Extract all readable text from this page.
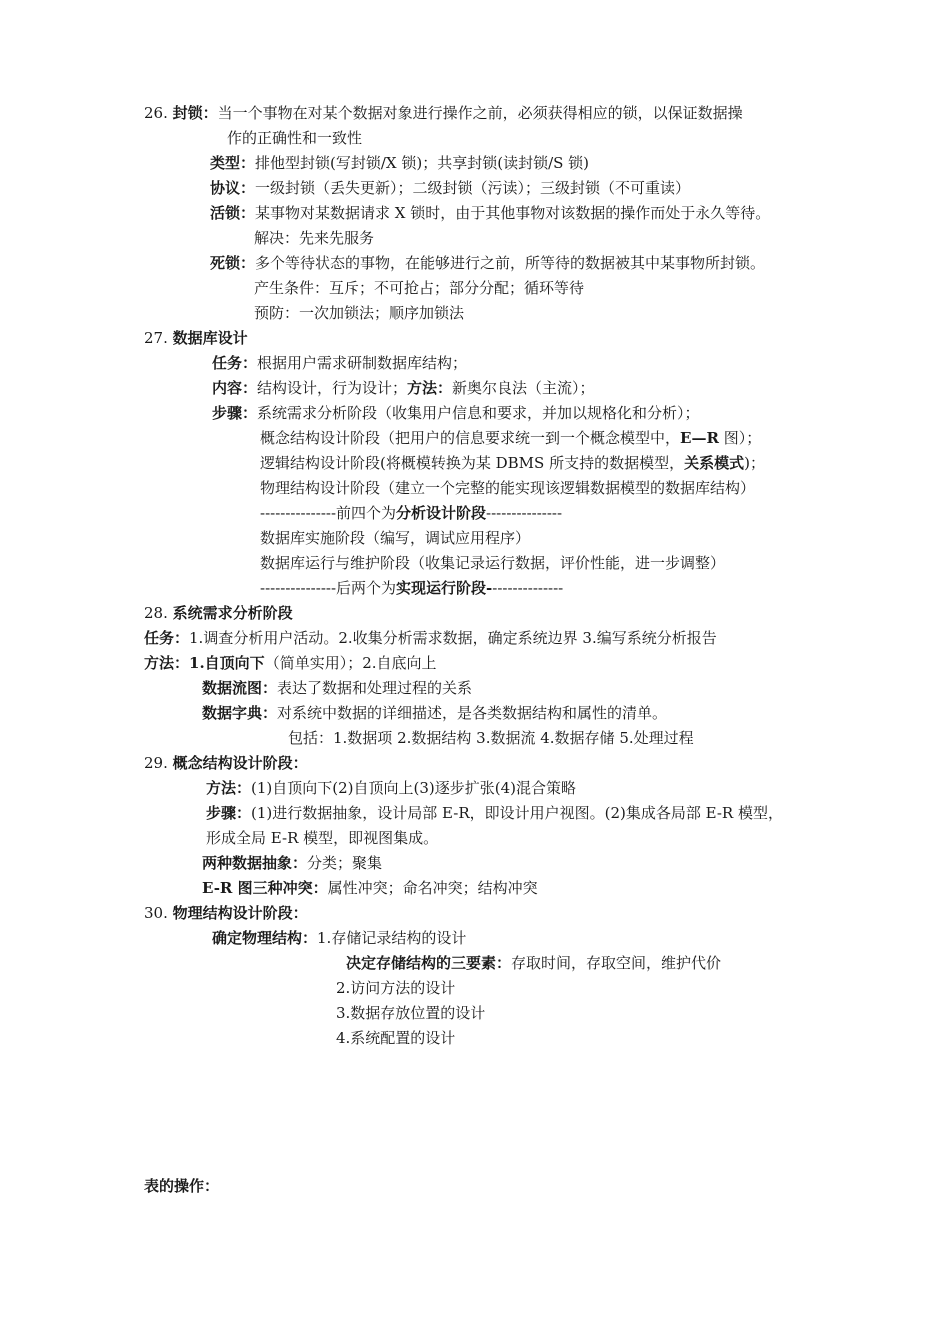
26. 封锁：当一个事物在对某个数据对象进行操作之前，必须获得相应的锁，以保证数据操
作的正确性和一致性
类型：排他型封锁(写封锁/X 锁)；共享封锁(读封锁/S 锁)
协议：一级封锁（丢失更新）；二级封锁（污读）；三级封锁（不可重读）
活锁：某事物对某数据请求 X 锁时，由于其他事物对该数据的操作而处于永久等待。
解决：先来先服务
死锁：多个等待状态的事物，在能够进行之前，所等待的数据被其中某事物所封锁。
产生条件：互斥；不可抢占；部分分配；循环等待
预防：一次加锁法；顺序加锁法
27. 数据库设计
任务：根据用户需求研制数据库结构；
内容：结构设计，行为设计；方法：新奥尔良法（主流）；
步骤：系统需求分析阶段（收集用户信息和要求，并加以规格化和分析）；
概念结构设计阶段（把用户的信息要求统一到一个概念模型中，E—R 图）；
逻辑结构设计阶段(将概模转换为某 DBMS 所支持的数据模型，关系模式)；
物理结构设计阶段（建立一个完整的能实现该逻辑数据模型的数据库结构）
---------------前四个为分析设计阶段---------------
数据库实施阶段（编写，调试应用程序）
数据库运行与维护阶段（收集记录运行数据，评价性能，进一步调整）
---------------后两个为实现运行阶段---------------
28. 系统需求分析阶段
任务：1.调查分析用户活动。2.收集分析需求数据，确定系统边界 3.编写系统分析报告
方法：1.自顶向下（简单实用）；2.自底向上
数据流图：表达了数据和处理过程的关系
数据字典：对系统中数据的详细描述，是各类数据结构和属性的清单。
包括：1.数据项 2.数据结构 3.数据流 4.数据存储 5.处理过程
29. 概念结构设计阶段：
方法：(1)自顶向下(2)自顶向上(3)逐步扩张(4)混合策略
步骤：(1)进行数据抽象，设计局部 E-R，即设计用户视图。(2)集成各局部 E-R 模型，
形成全局 E-R 模型，即视图集成。
两种数据抽象：分类；聚集
E-R 图三种冲突：属性冲突；命名冲突；结构冲突
30. 物理结构设计阶段：
确定物理结构：1.存储记录结构的设计
决定存储结构的三要素：存取时间，存取空间，维护代价
2.访问方法的设计
3.数据存放位置的设计
4.系统配置的设计
表的操作：
